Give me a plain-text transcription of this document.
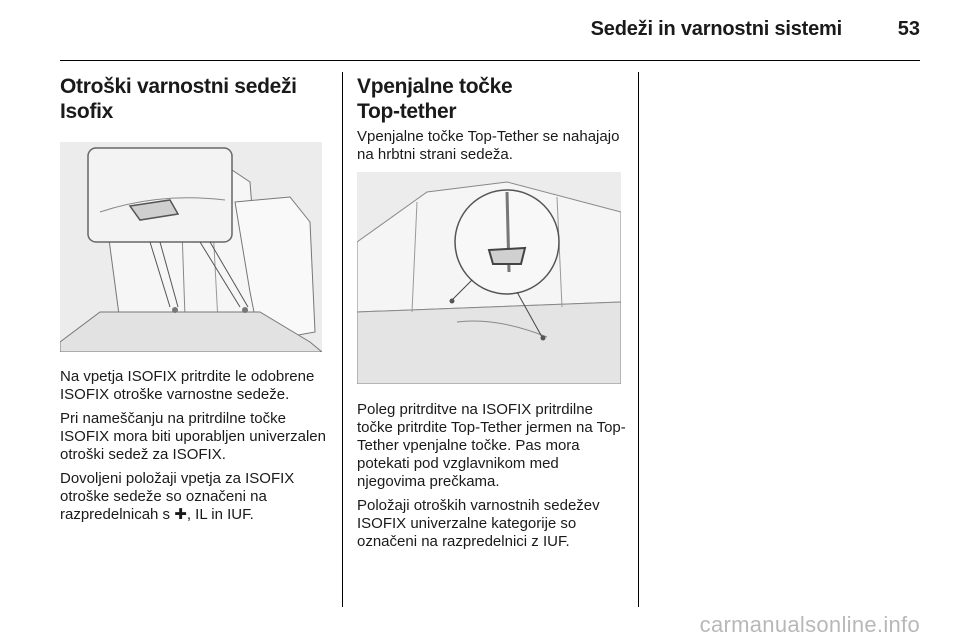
Sedeži in varnostni sistemi	53
Otroški varnostni sedeži
Isofix

Na vpetja ISOFIX pritrdite le odobrene ISOFIX otroške varnostne sedeže.

Pri nameščanju na pritrdilne točke ISOFIX mora biti uporabljen univerzalen otroški sedež za ISOFIX.

Dovoljeni položaji vpetja za ISOFIX otroške sedeže so označeni na razpredelnicah s ✚, IL in IUF.

Vpenjalne točke
Top-tether

Vpenjalne točke Top-Tether se nahajajo na hrbtni strani sedeža.

Poleg pritrditve na ISOFIX pritrdilne točke pritrdite Top-Tether jermen na Top-Tether vpenjalne točke. Pas mora potekati pod vzglavnikom med njegovima prečkama.

Položaji otroških varnostnih sedežev ISOFIX univerzalne kategorije so označeni na razpredelnici z IUF.

carmanualsonline.info
